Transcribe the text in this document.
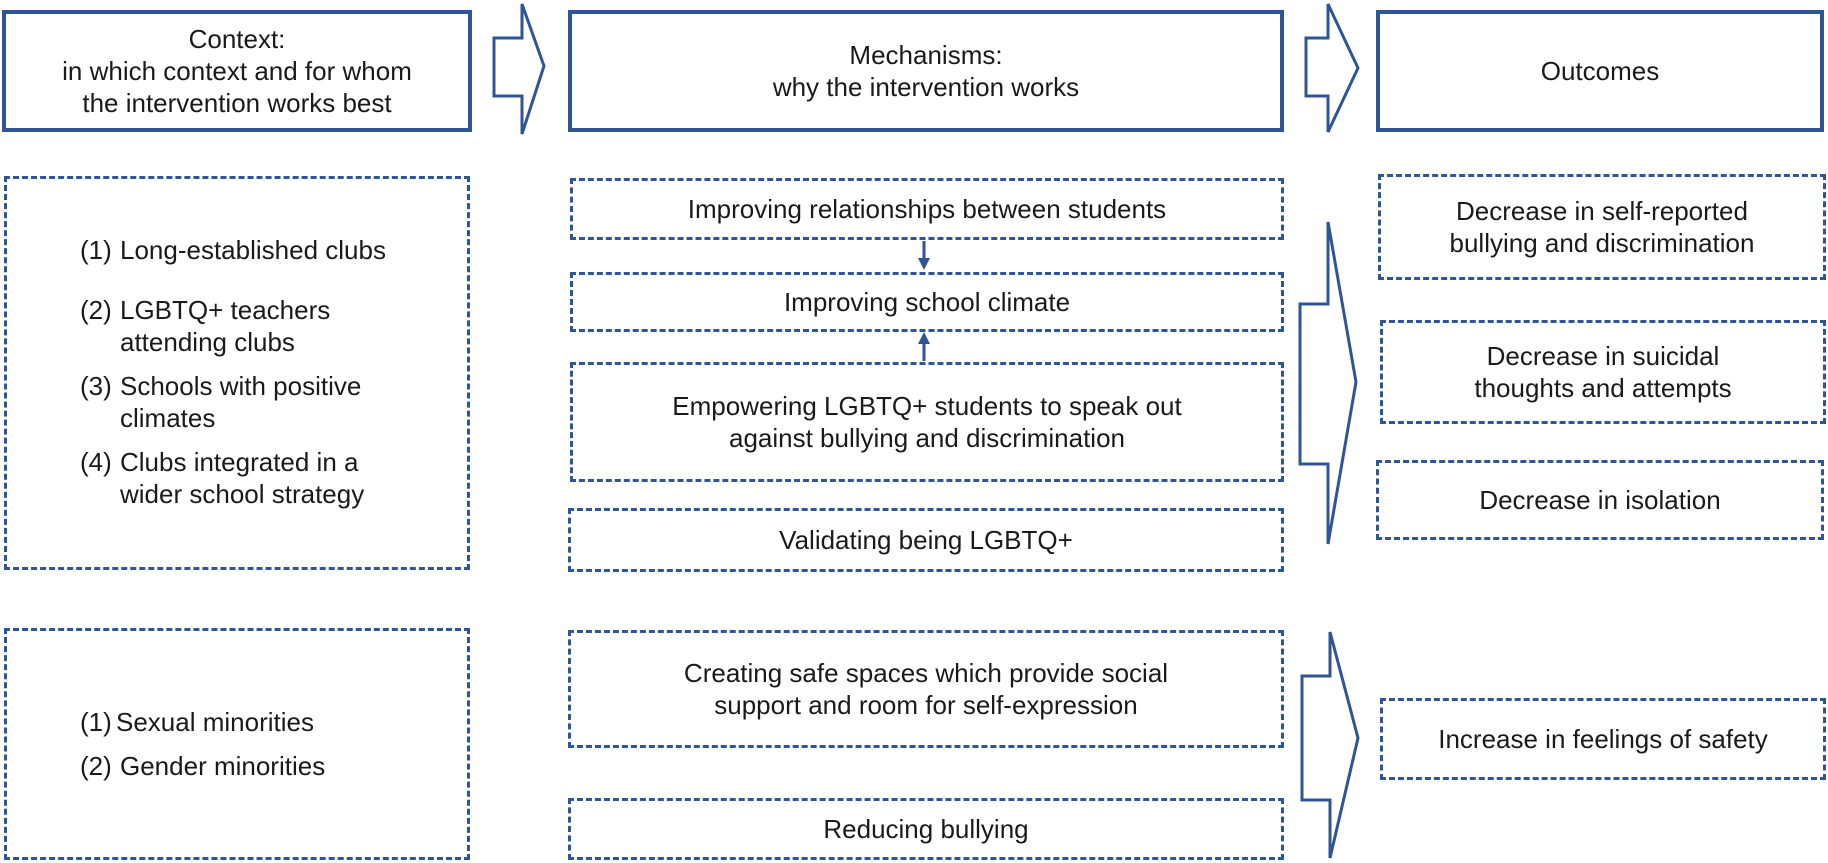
Context:
in which context and for whom
the intervention works best
Mechanisms:
why the intervention works
Outcomes
(1) Long-established clubs
(2) LGBTQ+ teachers
attending clubs
(3) Schools with positive
climates
(4) Clubs integrated in a
wider school strategy
Improving relationships between students
Improving school climate
Empowering LGBTQ+ students to speak out
against bullying and discrimination
Validating being LGBTQ+
Decrease in self-reported
bullying and discrimination
Decrease in suicidal
thoughts and attempts
Decrease in isolation
(1) Sexual minorities
(2) Gender minorities
Creating safe spaces which provide social
support and room for self-expression
Reducing bullying
Increase in feelings of safety
